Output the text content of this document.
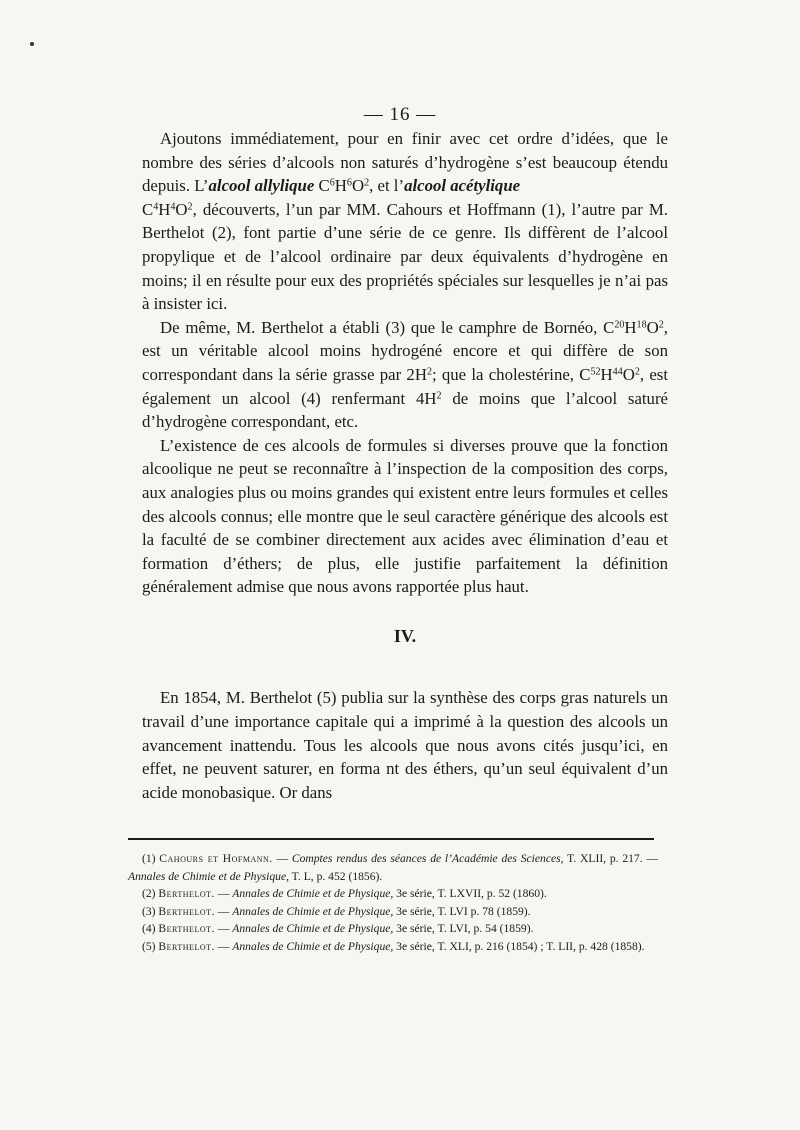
— 16 —

Ajoutons immédiatement, pour en finir avec cet ordre d’idées, que le nombre des séries d’alcools non saturés d’hydrogène s’est beaucoup étendu depuis. L’alcool allylique $C^6H^6O^2$, et l’alcool acétylique
$C^4H^4O^2$, découverts, l’un par MM. Cahours et Hoffmann (1), l’autre par M. Berthelot (2), font partie d’une série de ce genre. Ils diffèrent de l’alcool propylique et de l’alcool ordinaire par deux équivalents d’hydrogène en moins; il en résulte pour eux des propriétés spéciales sur lesquelles je n’ai pas à insister ici.

De même, M. Berthelot a établi (3) que le camphre de Bornéo, $C^{20}H^{18}O^2$, est un véritable alcool moins hydrogéné encore et qui diffère de son correspondant dans la série grasse par $2H^2$; que la cholestérine, $C^{52}H^{44}O^2$, est également un alcool (4) renfermant $4H^2$ de moins que l’alcool saturé d’hydrogène correspondant, etc.

L’existence de ces alcools de formules si diverses prouve que la fonction alcoolique ne peut se reconnaître à l’inspection de la composition des corps, aux analogies plus ou moins grandes qui existent entre leurs formules et celles des alcools connus; elle montre que le seul caractère générique des alcools est la faculté de se combiner directement aux acides avec élimination d’eau et formation d’éthers; de plus, elle justifie parfaitement la définition généralement admise que nous avons rapportée plus haut.

IV.

En 1854, M. Berthelot (5) publia sur la synthèse des corps gras naturels un travail d’une importance capitale qui a imprimé à la question des alcools un avancement inattendu. Tous les alcools que nous avons cités jusqu’ici, en effet, ne peuvent saturer, en forma nt des éthers, qu’un seul équivalent d’un acide monobasique. Or dans

(1) Cahours et Hofmann. — Comptes rendus des séances de l’Académie des Sciences, T. XLII, p. 217. — Annales de Chimie et de Physique, T. L, p. 452 (1856).

(2) Berthelot. — Annales de Chimie et de Physique, 3e série, T. LXVII, p. 52 (1860).

(3) Berthelot. — Annales de Chimie et de Physique, 3e série, T. LVI p. 78 (1859).

(4) Berthelot. — Annales de Chimie et de Physique, 3e série, T. LVI, p. 54 (1859).

(5) Berthelot. — Annales de Chimie et de Physique, 3e série, T. XLI, p. 216 (1854) ; T. LII, p. 428 (1858).
